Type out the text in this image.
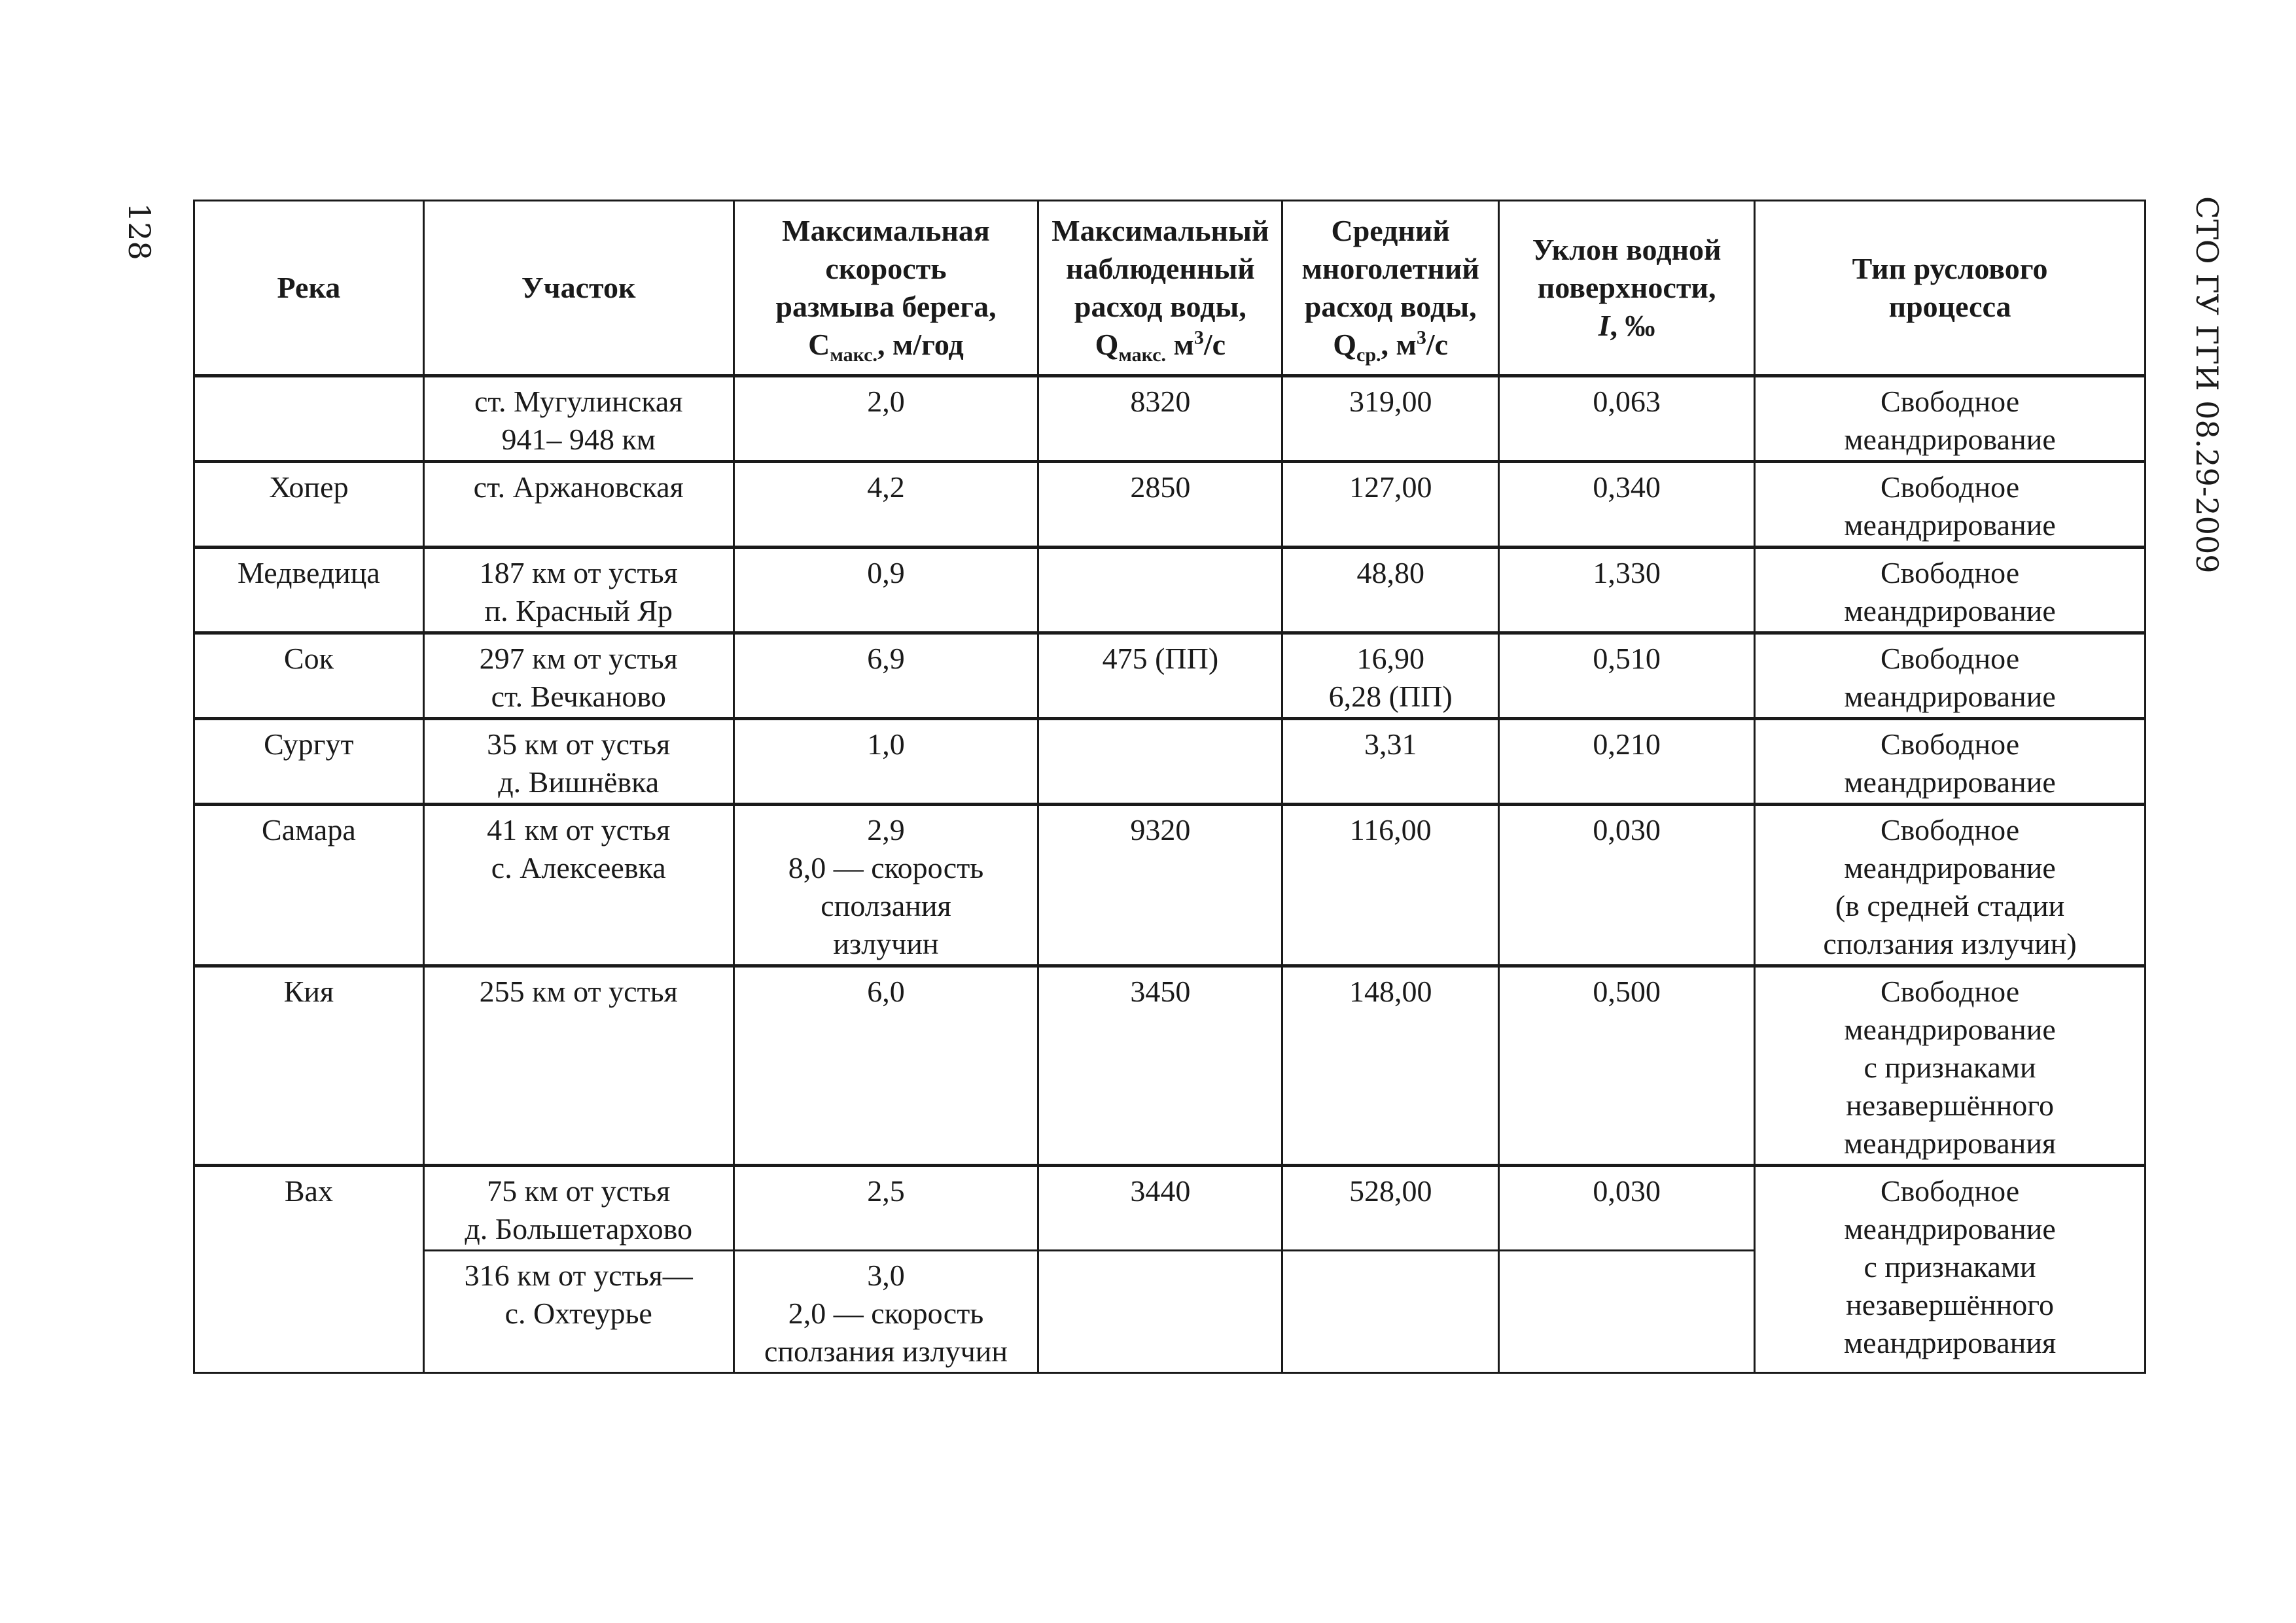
128	СТО ГУ ГГИ 08.29-2009
Река	Участок	Максимальная
скорость
размыва берега,
$С_{макс.}$, м/год	Максимальный
наблюденный
расход воды,
$Q_{макс.}$ $м^3/с$	Средний
многолетний
расход воды,
$Q_{ср.}$, $м^3/с$	Уклон водной
поверхности,
I, ‰	Тип руслового
процесса

	ст. Мугулинская
941– 948 км	2,0	8320	319,00	0,063	Свободное
меандрирование

Хопер	ст. Аржановская	4,2	2850	127,00	0,340	Свободное
меандрирование

Медведица	187 км от устья
п. Красный Яр	0,9		48,80	1,330	Свободное
меандрирование

Сок	297 км от устья
ст. Вечканово	6,9	475 (ПП)	16,90
6,28 (ПП)	0,510	Свободное
меандрирование

Сургут	35 км от устья
д. Вишнёвка	1,0		3,31	0,210	Свободное
меандрирование

Самара	41 км от устья
с. Алексеевка	2,9
8,0 — скорость
сползания
излучин	9320	116,00	0,030	Свободное
меандрирование
(в средней стадии
сползания излучин)

Кия	255 км от устья	6,0	3450	148,00	0,500	Свободное
меандрирование
с признаками
незавершённого
меандрирования

Вах	75 км от устья
д. Большетархово	2,5	3440	528,00	0,030	Свободное
меандрирование
с признаками
незавершённого
меандрирования

	316 км от устья—
с. Охтеурье	3,0
2,0 — скорость
сползания излучин				
